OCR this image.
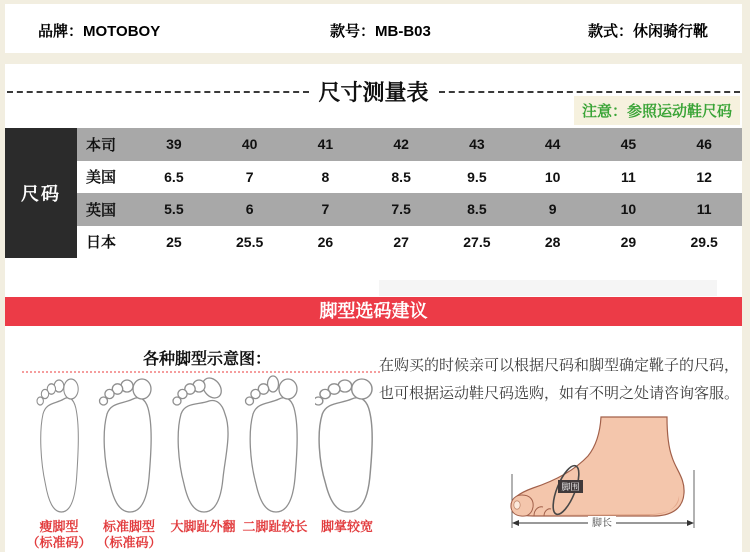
品牌：MOTOBOY	款号：MB-B03	款式：休闲骑行靴
尺寸测量表
注意：参照运动鞋尺码
尺码
本司	39	40	41	42	43	44	45	46
美国	6.5	7	8	8.5	9.5	10	11	12
英国	5.5	6	7	7.5	8.5	9	10	11
日本	25	25.5	26	27	27.5	28	29	29.5
脚型选码建议
各种脚型示意图：
瘦脚型
（标准码）
标准脚型
（标准码）
大脚趾外翻 二脚趾较长	脚掌较宽
在购买的时候亲可以根据尺码和脚型确定靴子的尺码，也可根据运动鞋尺码选购，如有不明之处请咨询客服。
脚围
脚长
